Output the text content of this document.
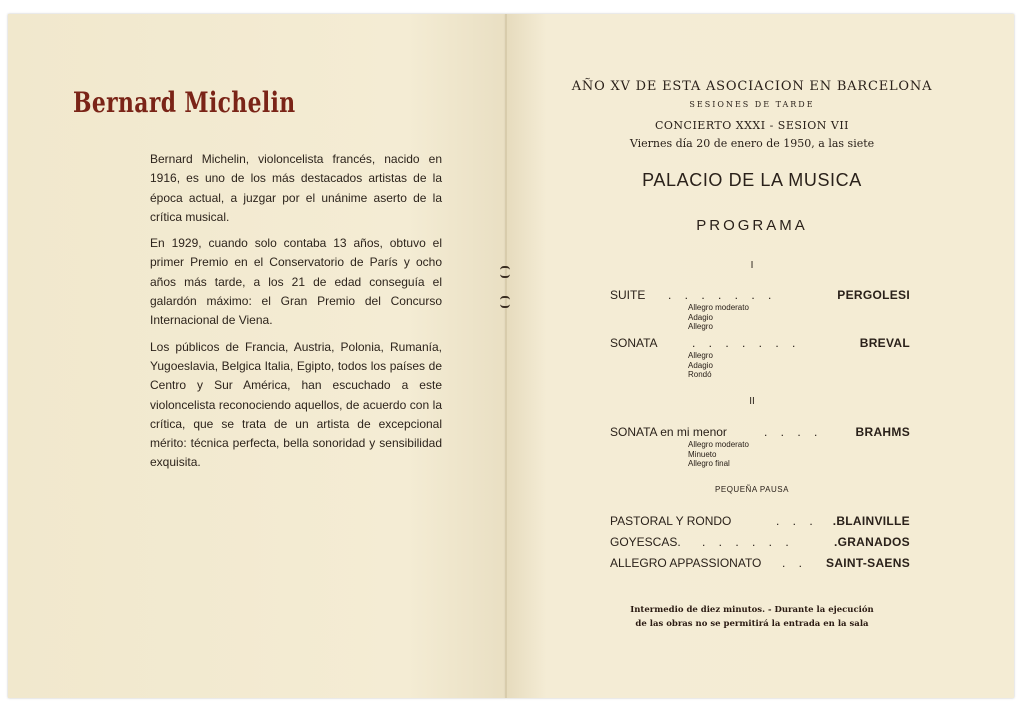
Bernard Michelin

Bernard Michelin, violoncelista francés, nacido en 1916, es uno de los más destacados artistas de la época actual, a juzgar por el unánime aserto de la crítica musical.

En 1929, cuando solo contaba 13 años, obtuvo el primer Premio en el Conservatorio de París y ocho años más tarde, a los 21 de edad conseguía el galardón máximo: el Gran Premio del Concurso Internacional de Viena.

Los públicos de Francia, Austria, Polonia, Rumanía, Yugoeslavia, Belgica Italia, Egipto, todos los países de Centro y Sur América, han escuchado a este violoncelista reconociendo aquellos, de acuerdo con la crítica, que se trata de un artista de excepcional mérito: técnica perfecta, bella sonoridad y sensibilidad exquisita.

AÑO XV DE ESTA ASOCIACION EN BARCELONA
SESIONES DE TARDE
CONCIERTO XXXI - SESION VII
Viernes día 20 de enero de 1950, a las siete
PALACIO DE LA MUSICA
PROGRAMA
I
SUITE . . . . . . .	PERGOLESI
Allegro moderato
Adagio
Allegro
SONATA	. . . . . . .	BREVAL
Allegro
Adagio
Rondó
II
SONATA en mi menor	. . . .	BRAHMS
Allegro moderato
Minueto
Allegro final
PEQUEÑA PAUSA
PASTORAL Y RONDO	. . . .BLAINVILLE
GOYESCAS. . . . . . .	.GRANADOS
ALLEGRO APPASSIONATO . . SAINT-SAENS
Intermedio de diez minutos. - Durante la ejecución
de las obras no se permitirá la entrada en la sala
